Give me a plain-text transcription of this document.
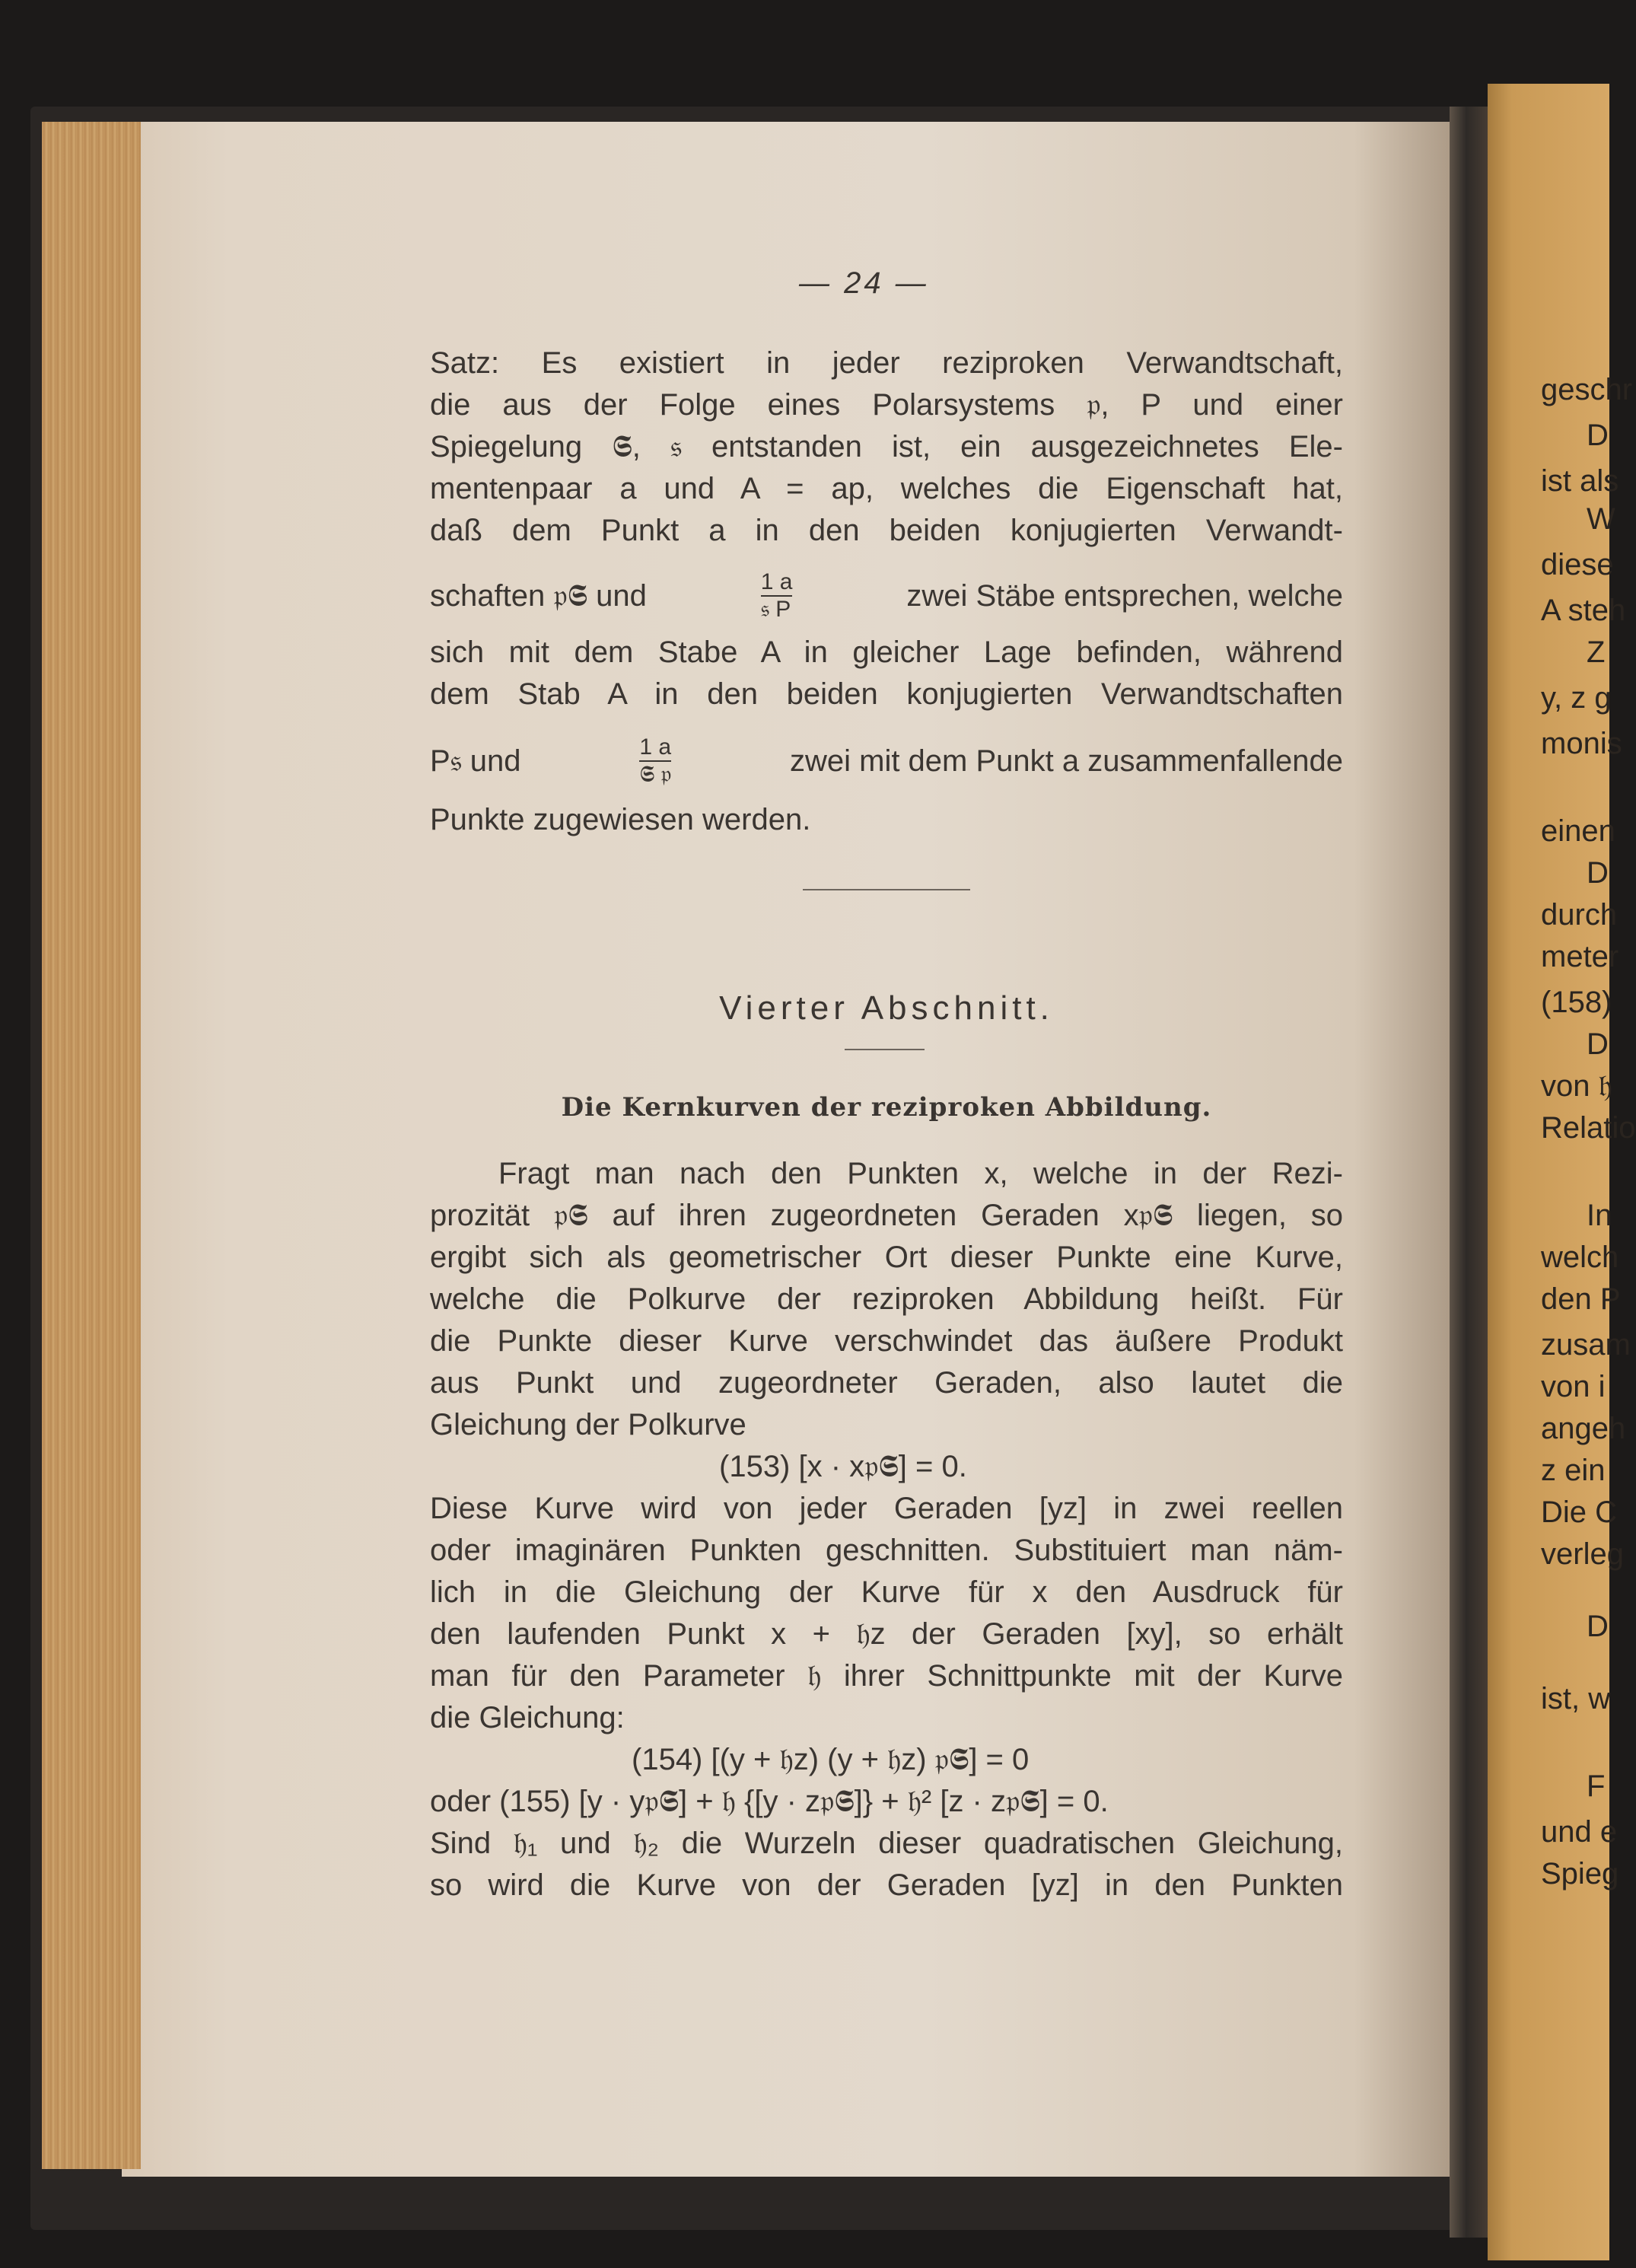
— 24 —
Satz: Es existiert in jeder reziproken Verwandtschaft,
die aus der Folge eines Polarsystems 𝔭, P und einer
Spiegelung 𝕾, 𝔰 entstanden ist, ein ausgezeichnetes Ele-
mentenpaar a und A = ap, welches die Eigenschaft hat,
daß dem Punkt a in den beiden konjugierten Verwandt-
schaften 𝔭𝕾 und	$\frac{1 a}{\text{𝔰 P}}$	zwei Stäbe entsprechen, welche
sich mit dem Stabe A in gleicher Lage befinden, während
dem Stab A in den beiden konjugierten Verwandtschaften
P𝔰 und	$\frac{1 a}{\text{𝕾 𝔭}}$	zwei mit dem Punkt a zusammenfallende
Punkte zugewiesen werden.
Vierter Abschnitt.
Die Kernkurven der reziproken Abbildung.
Fragt man nach den Punkten x, welche in der Rezi-
prozität 𝔭𝕾 auf ihren zugeordneten Geraden x𝔭𝕾 liegen, so
ergibt sich als geometrischer Ort dieser Punkte eine Kurve,
welche die Polkurve der reziproken Abbildung heißt. Für
die Punkte dieser Kurve verschwindet das äußere Produkt
aus Punkt und zugeordneter Geraden, also lautet die
Gleichung der Polkurve
(153) [x · x𝔭𝕾] = 0.
Diese Kurve wird von jeder Geraden [yz] in zwei reellen
oder imaginären Punkten geschnitten. Substituiert man näm-
lich in die Gleichung der Kurve für x den Ausdruck für
den laufenden Punkt x + 𝔥z der Geraden [xy], so erhält
man für den Parameter 𝔥 ihrer Schnittpunkte mit der Kurve
die Gleichung:
(154) [(y + 𝔥z) (y + 𝔥z) 𝔭𝕾] = 0
oder (155) [y · y𝔭𝕾] + 𝔥 {[y · z𝔭𝕾]} + 𝔥² [z · z𝔭𝕾] = 0.
Sind 𝔥₁ und 𝔥₂ die Wurzeln dieser quadratischen Gleichung,
so wird die Kurve von der Geraden [yz] in den Punkten
geschr
D
ist als
W
diese
A steh
Z
y, z g
monis
einen
D
durch
meter
(158)
D
von 𝔥
Relatio
In
welch
den P
zusam
von i
angeh
z ein
Die C
verleg
D
ist, w
F
und e
Spieg
